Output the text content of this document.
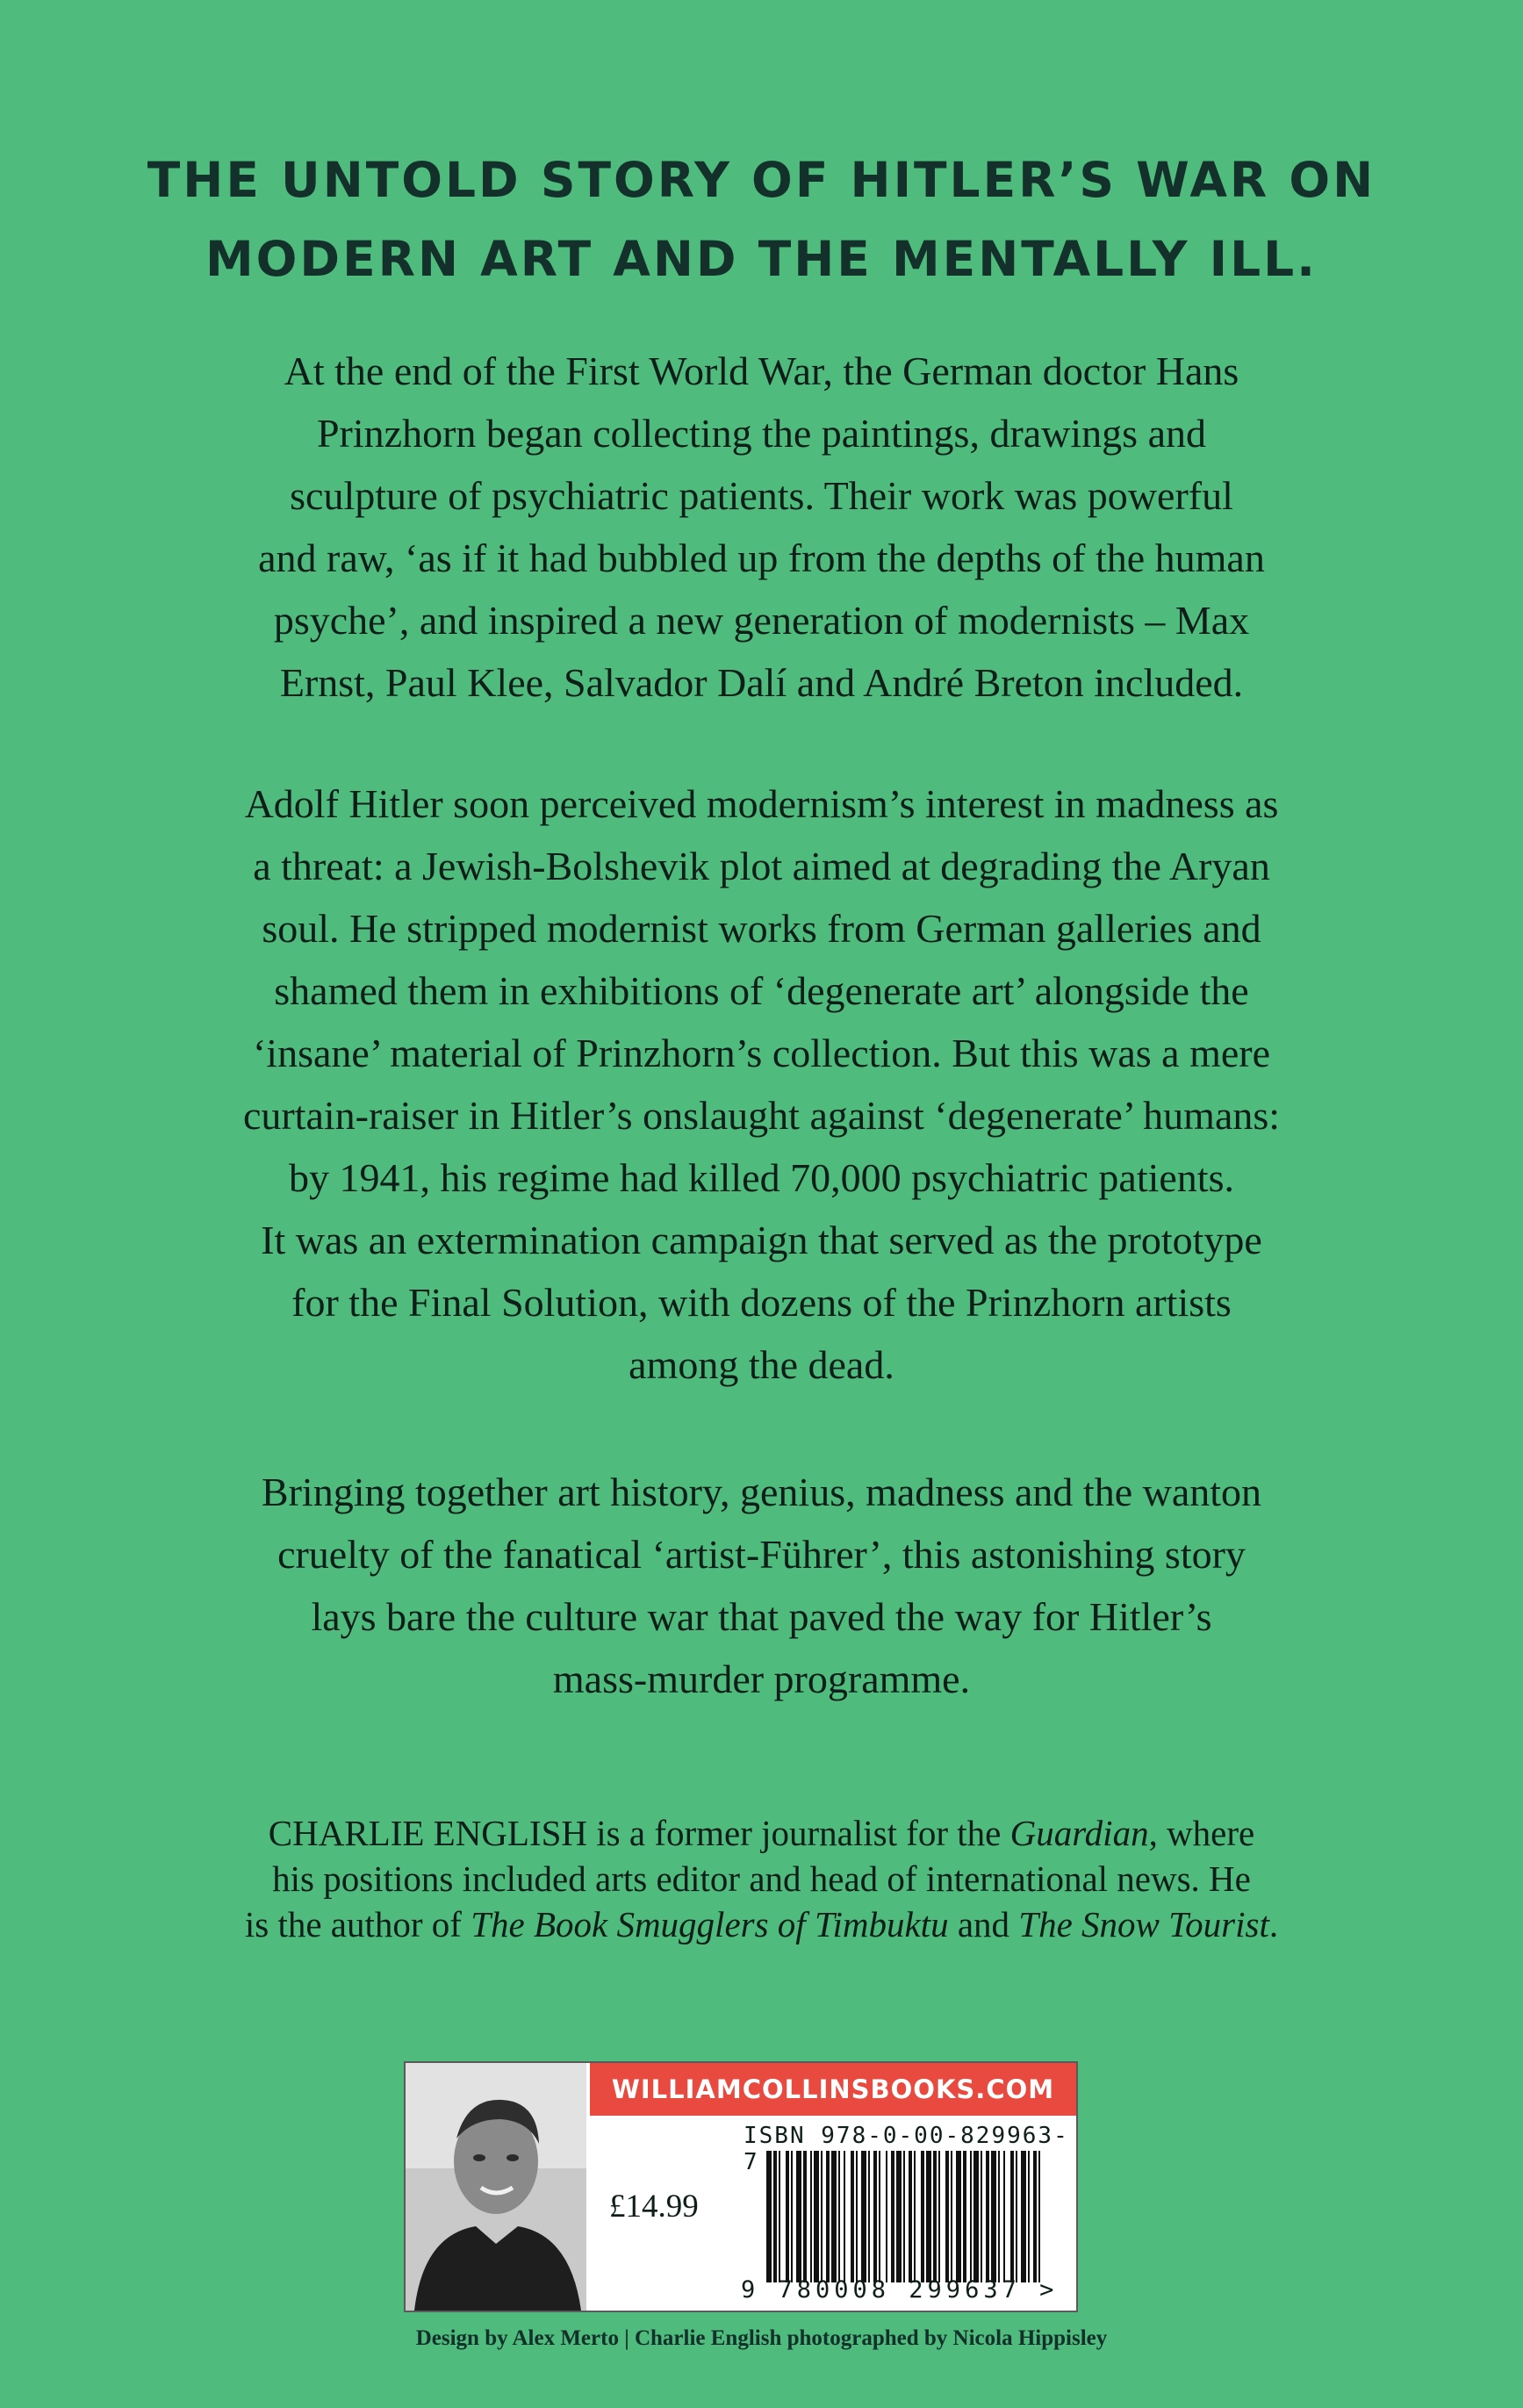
THE UNTOLD STORY OF HITLER’S WAR ON
MODERN ART AND THE MENTALLY ILL.
At the end of the First World War, the German doctor Hans
Prinzhorn began collecting the paintings, drawings and
sculpture of psychiatric patients. Their work was powerful
and raw, ‘as if it had bubbled up from the depths of the human
psyche’, and inspired a new generation of modernists – Max
Ernst, Paul Klee, Salvador Dalí and André Breton included.
Adolf Hitler soon perceived modernism’s interest in madness as
a threat: a Jewish-Bolshevik plot aimed at degrading the Aryan
soul. He stripped modernist works from German galleries and
shamed them in exhibitions of ‘degenerate art’ alongside the
‘insane’ material of Prinzhorn’s collection. But this was a mere
curtain-raiser in Hitler’s onslaught against ‘degenerate’ humans:
by 1941, his regime had killed 70,000 psychiatric patients.
It was an extermination campaign that served as the prototype
for the Final Solution, with dozens of the Prinzhorn artists
among the dead.
Bringing together art history, genius, madness and the wanton
cruelty of the fanatical ‘artist-Führer’, this astonishing story
lays bare the culture war that paved the way for Hitler’s
mass-murder programme.
CHARLIE ENGLISH is a former journalist for the Guardian, where
his positions included arts editor and head of international news. He
is the author of The Book Smugglers of Timbuktu and The Snow Tourist.
WILLIAMCOLLINSBOOKS.COM
ISBN 978-0-00-829963-7
£14.99
9 780008 299637 >
Design by Alex Merto | Charlie English photographed by Nicola Hippisley
